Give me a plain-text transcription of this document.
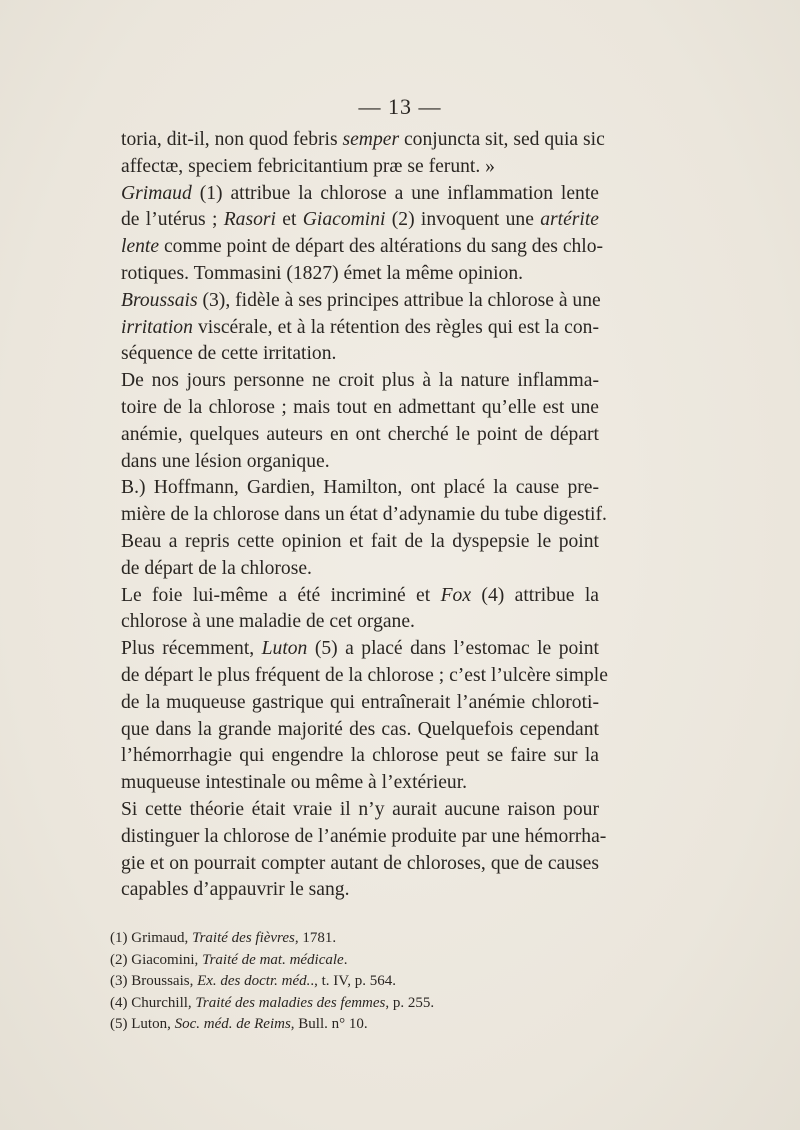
— 13 —
toria, dit-il, non quod febris semper conjuncta sit, sed quia sic
affectæ, speciem febricitantium præ se ferunt. »
Grimaud (1) attribue la chlorose a une inflammation lente
de l’utérus ; Rasori et Giacomini (2) invoquent une artérite
lente comme point de départ des altérations du sang des chlo-
rotiques. Tommasini (1827) émet la même opinion.
Broussais (3), fidèle à ses principes attribue la chlorose à une
irritation viscérale, et à la rétention des règles qui est la con-
séquence de cette irritation.
De nos jours personne ne croit plus à la nature inflamma-
toire de la chlorose ; mais tout en admettant qu’elle est une
anémie, quelques auteurs en ont cherché le point de départ
dans une lésion organique.
B.) Hoffmann, Gardien, Hamilton, ont placé la cause pre-
mière de la chlorose dans un état d’adynamie du tube digestif.
Beau a repris cette opinion et fait de la dyspepsie le point
de départ de la chlorose.
Le foie lui-même a été incriminé et Fox (4) attribue la
chlorose à une maladie de cet organe.
Plus récemment, Luton (5) a placé dans l’estomac le point
de départ le plus fréquent de la chlorose ; c’est l’ulcère simple
de la muqueuse gastrique qui entraînerait l’anémie chloroti-
que dans la grande majorité des cas. Quelquefois cependant
l’hémorrhagie qui engendre la chlorose peut se faire sur la
muqueuse intestinale ou même à l’extérieur.
Si cette théorie était vraie il n’y aurait aucune raison pour
distinguer la chlorose de l’anémie produite par une hémorrha-
gie et on pourrait compter autant de chloroses, que de causes
capables d’appauvrir le sang.
(1) Grimaud, Traité des fièvres, 1781.
(2) Giacomini, Traité de mat. médicale.
(3) Broussais, Ex. des doctr. méd.., t. IV, p. 564.
(4) Churchill, Traité des maladies des femmes, p. 255.
(5) Luton, Soc. méd. de Reims, Bull. n° 10.
